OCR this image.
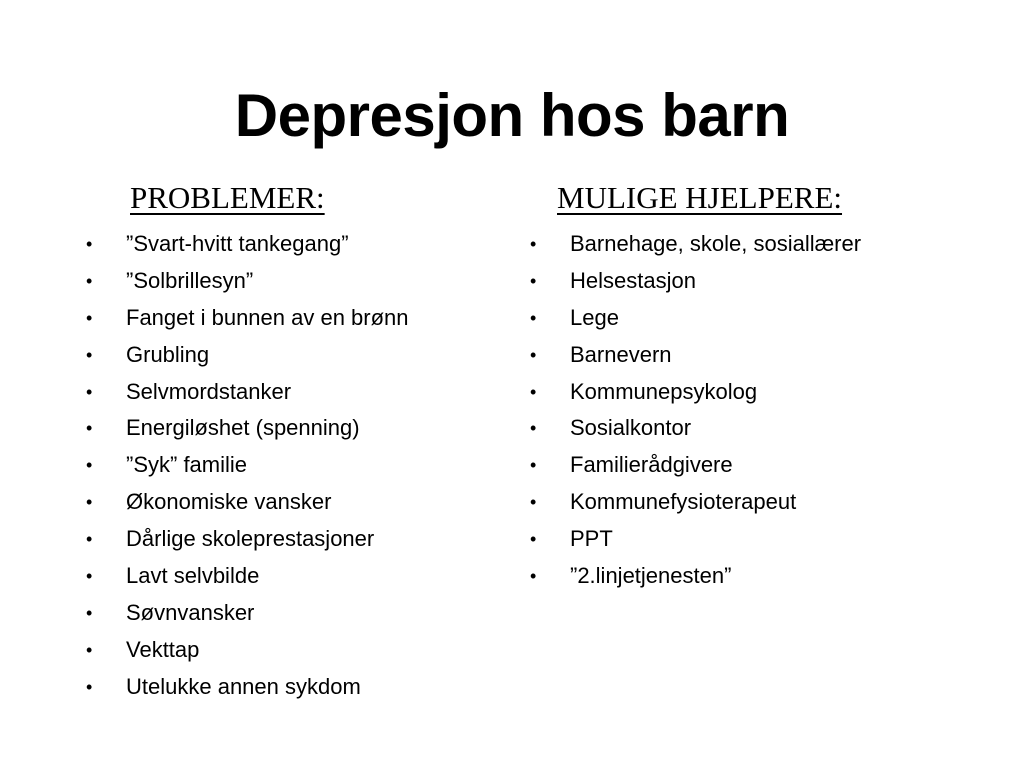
Depresjon hos barn
PROBLEMER:	MULIGE HJELPERE:
• ”Svart-hvitt tankegang”
• ”Solbrillesyn”
• Fanget i bunnen av en brønn
• Grubling
• Selvmordstanker
• Energiløshet (spenning)
• ”Syk” familie
• Økonomiske vansker
• Dårlige skoleprestasjoner
• Lavt selvbilde
• Søvnvansker
• Vekttap
• Utelukke annen sykdom
• Barnehage, skole, sosiallærer
• Helsestasjon
• Lege
• Barnevern
• Kommunepsykolog
• Sosialkontor
• Familierådgivere
• Kommunefysioterapeut
• PPT
• ”2.linjetjenesten”
